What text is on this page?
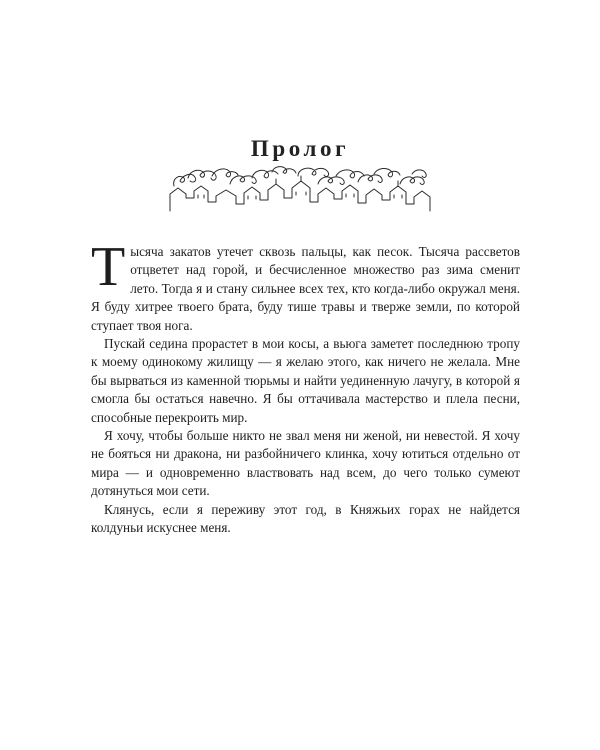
Пролог

Тысяча закатов утечет сквозь пальцы, как песок. Тысяча рассветов отцветет над горой, и бесчисленное множество раз зима сменит лето. Тогда я и стану сильнее всех тех, кто когда-либо окружал меня. Я буду хитрее твоего брата, буду тише травы и тверже земли, по которой ступает твоя нога.

Пускай седина прорастет в мои косы, а вьюга заметет последнюю тропу к моему одинокому жилищу — я желаю этого, как ничего не желала. Мне бы вырваться из каменной тюрьмы и найти уединенную лачугу, в которой я смогла бы остаться навечно. Я бы оттачивала мастерство и плела песни, способные перекроить мир.

Я хочу, чтобы больше никто не звал меня ни женой, ни невестой. Я хочу не бояться ни дракона, ни разбойничего клинка, хочу ютиться отдельно от мира — и одновременно властвовать над всем, до чего только сумеют дотянуться мои сети.

Клянусь, если я переживу этот год, в Княжьих горах не найдется колдуньи искуснее меня.
